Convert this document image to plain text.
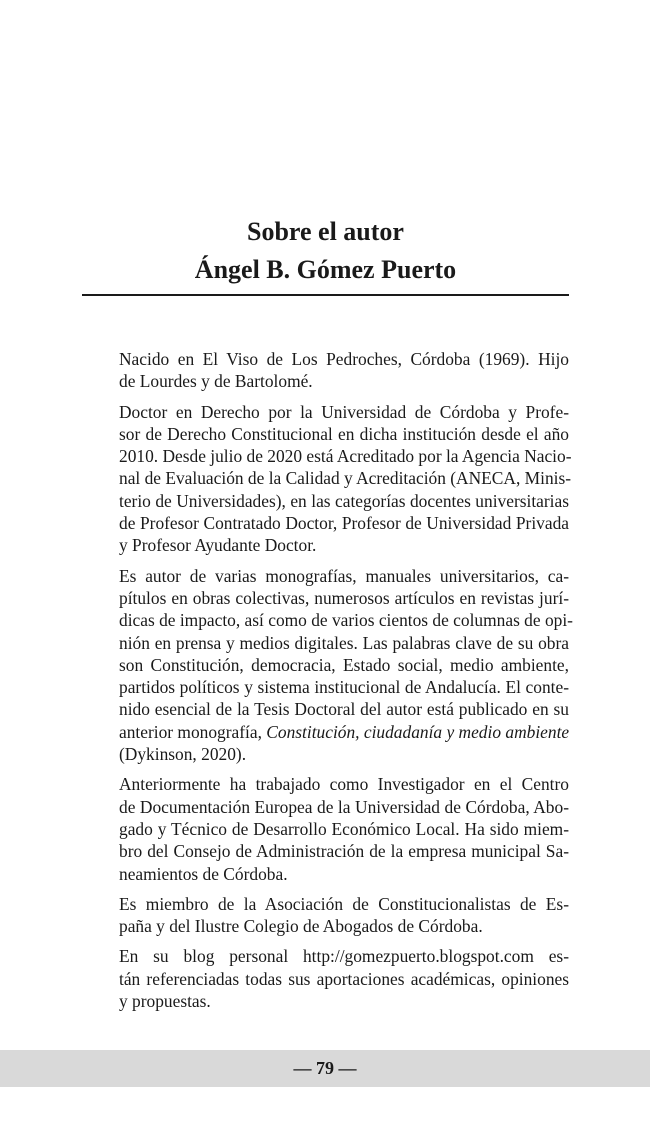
Sobre el autor
Ángel B. Gómez Puerto

Nacido en El Viso de Los Pedroches, Córdoba (1969). Hijo
de Lourdes y de Bartolomé.

Doctor en Derecho por la Universidad de Córdoba y Profe-
sor de Derecho Constitucional en dicha institución desde el año
2010. Desde julio de 2020 está Acreditado por la Agencia Nacio-
nal de Evaluación de la Calidad y Acreditación (ANECA, Minis-
terio de Universidades), en las categorías docentes universitarias
de Profesor Contratado Doctor, Profesor de Universidad Privada
y Profesor Ayudante Doctor.

Es autor de varias monografías, manuales universitarios, ca-
pítulos en obras colectivas, numerosos artículos en revistas jurí-
dicas de impacto, así como de varios cientos de columnas de opi-
nión en prensa y medios digitales. Las palabras clave de su obra
son Constitución, democracia, Estado social, medio ambiente,
partidos políticos y sistema institucional de Andalucía. El conte-
nido esencial de la Tesis Doctoral del autor está publicado en su
anterior monografía, Constitución, ciudadanía y medio ambiente
(Dykinson, 2020).

Anteriormente ha trabajado como Investigador en el Centro
de Documentación Europea de la Universidad de Córdoba, Abo-
gado y Técnico de Desarrollo Económico Local. Ha sido miem-
bro del Consejo de Administración de la empresa municipal Sa-
neamientos de Córdoba.

Es miembro de la Asociación de Constitucionalistas de Es-
paña y del Ilustre Colegio de Abogados de Córdoba.

En su blog personal http://gomezpuerto.blogspot.com es-
tán referenciadas todas sus aportaciones académicas, opiniones
y propuestas.

— 79 —
